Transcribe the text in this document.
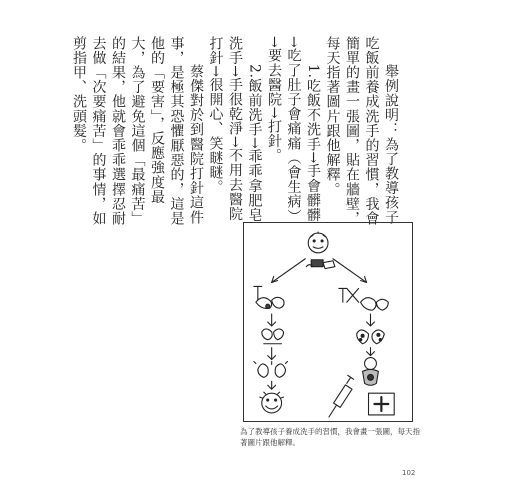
舉例說明：為了教導孩子吃飯前養成洗手的習慣，我會簡單的畫一張圖，貼在牆壁，每天指著圖片跟他解釋。

1.吃飯不洗手→手會髒髒→吃了肚子會痛痛（會生病）→要去醫院→打針。

2.飯前洗手→乖乖拿肥皂洗手→手很乾淨→不用去醫院打針→很開心、笑瞇瞇。

蔡傑對於到醫院打針這件事，是極其恐懼厭惡的，這是他的「要害」，反應強度最大，為了避免這個「最痛苦」的結果，他就會乖乖選擇忍耐去做「次要痛苦」的事情，如剪指甲、洗頭髮。

為了教導孩子養成洗手的習慣，我會畫一張圖，每天指著圖片跟他解釋。
102
